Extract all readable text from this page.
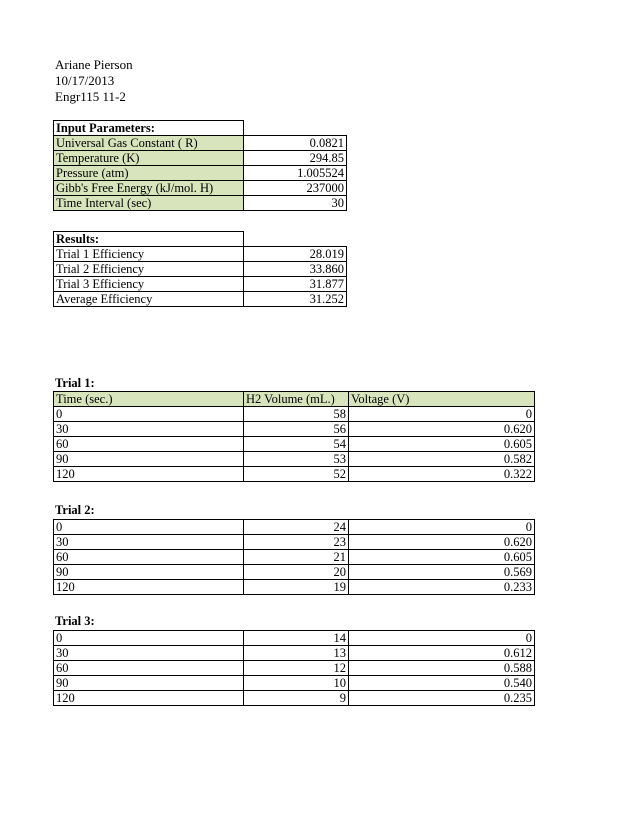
Ariane Pierson
10/17/2013
Engr115 11-2
Input Parameters:	
Universal Gas Constant ( R)	0.0821
Temperature (K)	294.85
Pressure (atm)	1.005524
Gibb's Free Energy (kJ/mol. H)	237000
Time Interval (sec)	30
Results:	
Trial 1 Efficiency	28.019
Trial 2 Efficiency	33.860
Trial 3 Efficiency	31.877
Average Efficiency	31.252
Trial 1:
Time (sec.)	H2 Volume (mL.)	Voltage (V)
0	58	0
30	56	0.620
60	54	0.605
90	53	0.582
120	52	0.322
Trial 2:
0	24	0
30	23	0.620
60	21	0.605
90	20	0.569
120	19	0.233
Trial 3:
0	14	0
30	13	0.612
60	12	0.588
90	10	0.540
120	9	0.235
